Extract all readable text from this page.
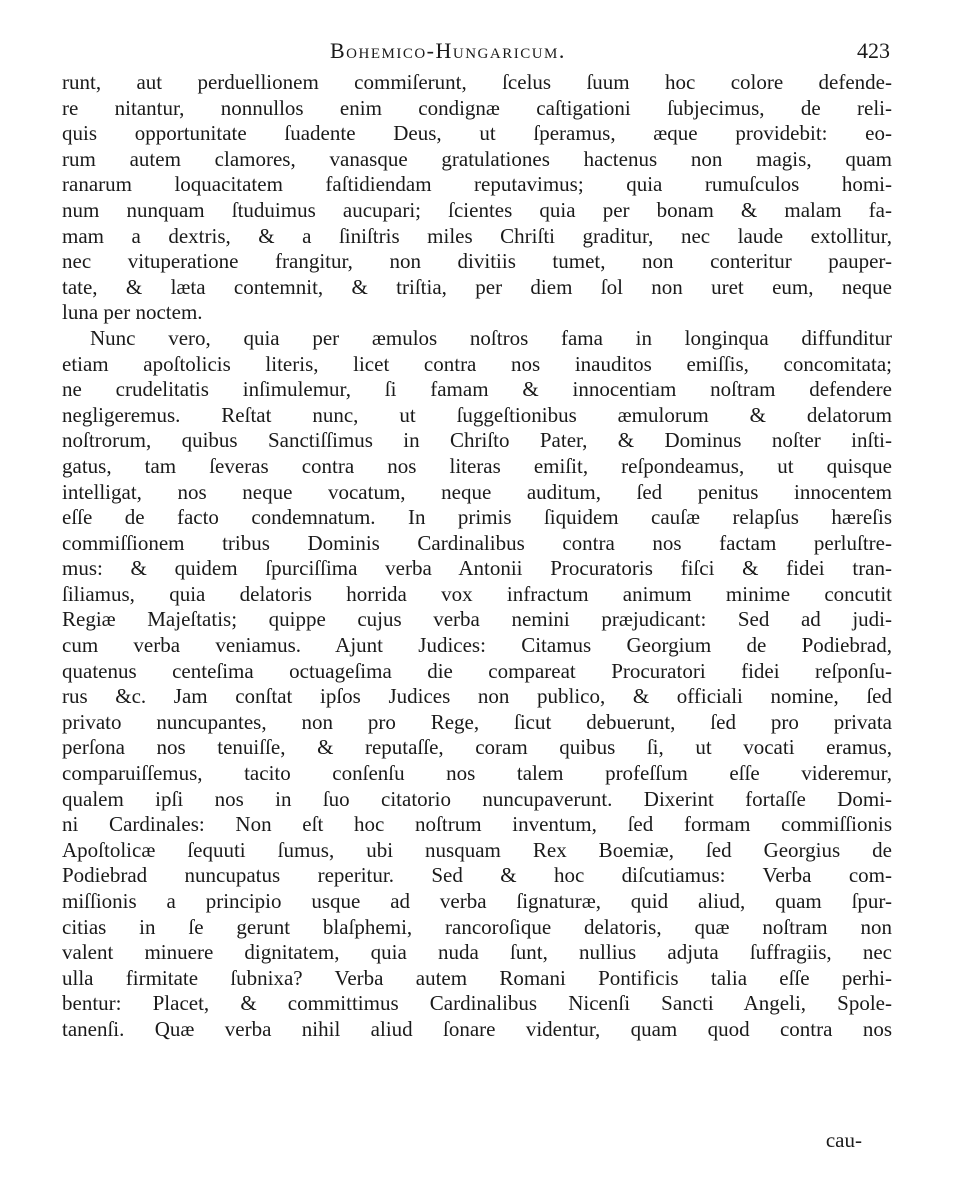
Bohemico-Hungaricum.	423
runt, aut perduellionem commiſerunt, ſcelus ſuum hoc colore defende-
re nitantur, nonnullos enim condignæ caſtigationi ſubjecimus, de reli-
quis opportunitate ſuadente Deus, ut ſperamus, æque providebit: eo-
rum autem clamores, vanasque gratulationes hactenus non magis, quam
ranarum loquacitatem faſtidiendam reputavimus; quia rumuſculos homi-
num nunquam ſtuduimus aucupari; ſcientes quia per bonam & malam fa-
mam a dextris, & a ſiniſtris miles Chriſti graditur, nec laude extollitur,
nec vituperatione frangitur, non divitiis tumet, non conteritur pauper-
tate, & læta contemnit, & triſtia, per diem ſol non uret eum, neque
luna per noctem.
Nunc vero, quia per æmulos noſtros fama in longinqua diffunditur
etiam apoſtolicis literis, licet contra nos inauditos emiſſis, concomitata;
ne crudelitatis inſimulemur, ſi famam & innocentiam noſtram defendere
negligeremus. Reſtat nunc, ut ſuggeſtionibus æmulorum & delatorum
noſtrorum, quibus Sanctiſſimus in Chriſto Pater, & Dominus noſter inſti-
gatus, tam ſeveras contra nos literas emiſit, reſpondeamus, ut quisque
intelligat, nos neque vocatum, neque auditum, ſed penitus innocentem
eſſe de facto condemnatum. In primis ſiquidem cauſæ relapſus hæreſis
commiſſionem tribus Dominis Cardinalibus contra nos factam perluſtre-
mus: & quidem ſpurciſſima verba Antonii Procuratoris fiſci & fidei tran-
ſiliamus, quia delatoris horrida vox infractum animum minime concutit
Regiæ Majeſtatis; quippe cujus verba nemini præjudicant: Sed ad judi-
cum verba veniamus. Ajunt Judices: Citamus Georgium de Podiebrad,
quatenus centeſima octuageſima die compareat Procuratori fidei reſponſu-
rus &c. Jam conſtat ipſos Judices non publico, & officiali nomine, ſed
privato nuncupantes, non pro Rege, ſicut debuerunt, ſed pro privata
perſona nos tenuiſſe, & reputaſſe, coram quibus ſi, ut vocati eramus,
comparuiſſemus, tacito conſenſu nos talem profeſſum eſſe videremur,
qualem ipſi nos in ſuo citatorio nuncupaverunt. Dixerint fortaſſe Domi-
ni Cardinales: Non eſt hoc noſtrum inventum, ſed formam commiſſionis
Apoſtolicæ ſequuti ſumus, ubi nusquam Rex Boemiæ, ſed Georgius de
Podiebrad nuncupatus reperitur. Sed & hoc diſcutiamus: Verba com-
miſſionis a principio usque ad verba ſignaturæ, quid aliud, quam ſpur-
citias in ſe gerunt blaſphemi, rancoroſique delatoris, quæ noſtram non
valent minuere dignitatem, quia nuda ſunt, nullius adjuta ſuffragiis, nec
ulla firmitate ſubnixa? Verba autem Romani Pontificis talia eſſe perhi-
bentur: Placet, & committimus Cardinalibus Nicenſi Sancti Angeli, Spole-
tanenſi. Quæ verba nihil aliud ſonare videntur, quam quod contra nos
cau-
